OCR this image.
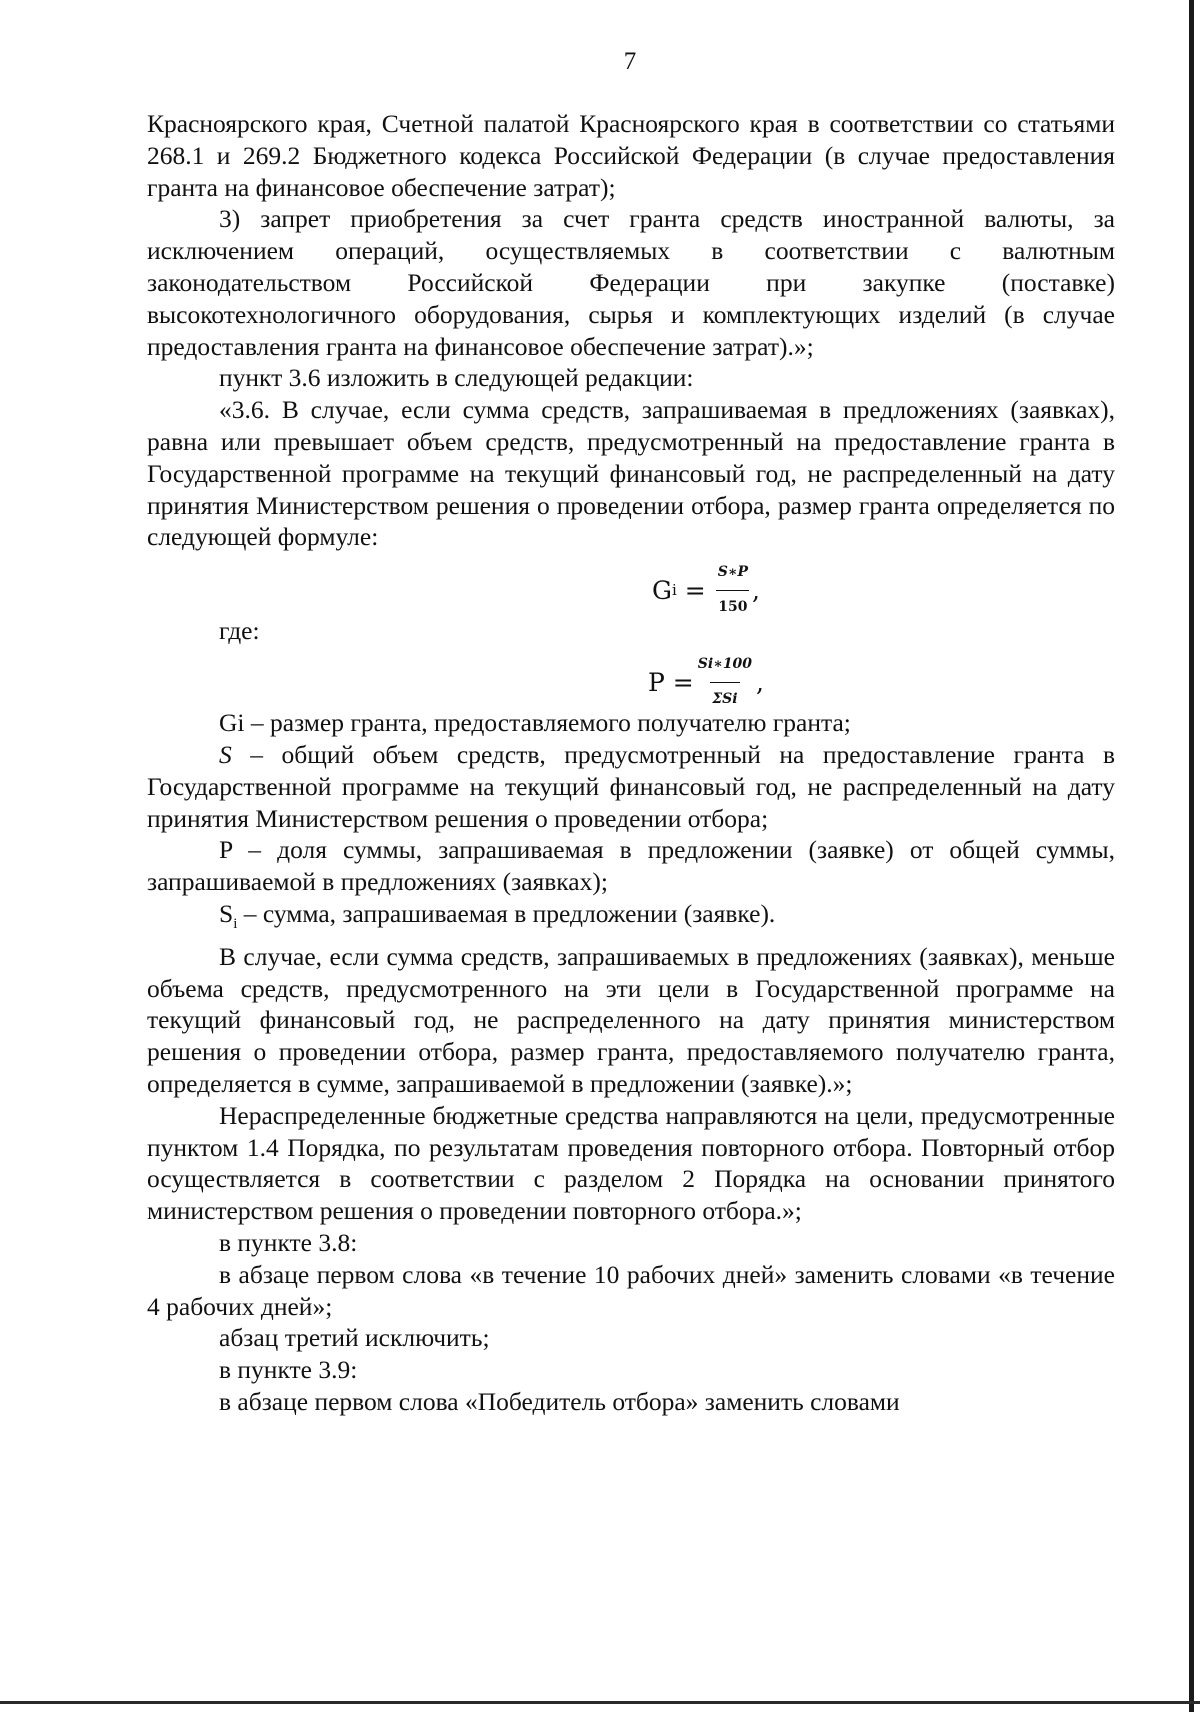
7

Красноярского края, Счетной палатой Красноярского края в соответствии со статьями 268.1 и 269.2 Бюджетного кодекса Российской Федерации (в случае предоставления гранта на финансовое обеспечение затрат);

3) запрет приобретения за счет гранта средств иностранной валюты, за исключением операций, осуществляемых в соответствии с валютным законодательством Российской Федерации при закупке (поставке) высокотехнологичного оборудования, сырья и комплектующих изделий (в случае предоставления гранта на финансовое обеспечение затрат).»;

пункт 3.6 изложить в следующей редакции:

«3.6. В случае, если сумма средств, запрашиваемая в предложениях (заявках), равна или превышает объем средств, предусмотренный на предоставление гранта в Государственной программе на текущий финансовый год, не распределенный на дату принятия Министерством решения о проведении отбора, размер гранта определяется по следующей формуле:

G $i = \frac{S∗P}{150}$ ,

где:

$P = \frac{Si∗100}{\text{ΣSi}}$ ,

Gi – размер гранта, предоставляемого получателю гранта;

S – общий объем средств, предусмотренный на предоставление гранта в Государственной программе на текущий финансовый год, не распределенный на дату принятия Министерством решения о проведении отбора;

P – доля суммы, запрашиваемая в предложении (заявке) от общей суммы, запрашиваемой в предложениях (заявках);

$S_i$ – сумма, запрашиваемая в предложении (заявке).

В случае, если сумма средств, запрашиваемых в предложениях (заявках), меньше объема средств, предусмотренного на эти цели в Государственной программе на текущий финансовый год, не распределенного на дату принятия министерством решения о проведении отбора, размер гранта, предоставляемого получателю гранта, определяется в сумме, запрашиваемой в предложении (заявке).»;

Нераспределенные бюджетные средства направляются на цели, предусмотренные пунктом 1.4 Порядка, по результатам проведения повторного отбора. Повторный отбор осуществляется в соответствии с разделом 2 Порядка на основании принятого министерством решения о проведении повторного отбора.»;

в пункте 3.8:

в абзаце первом слова «в течение 10 рабочих дней» заменить словами «в течение 4 рабочих дней»;

абзац третий исключить;

в пункте 3.9:

в абзаце первом слова «Победитель отбора» заменить словами
